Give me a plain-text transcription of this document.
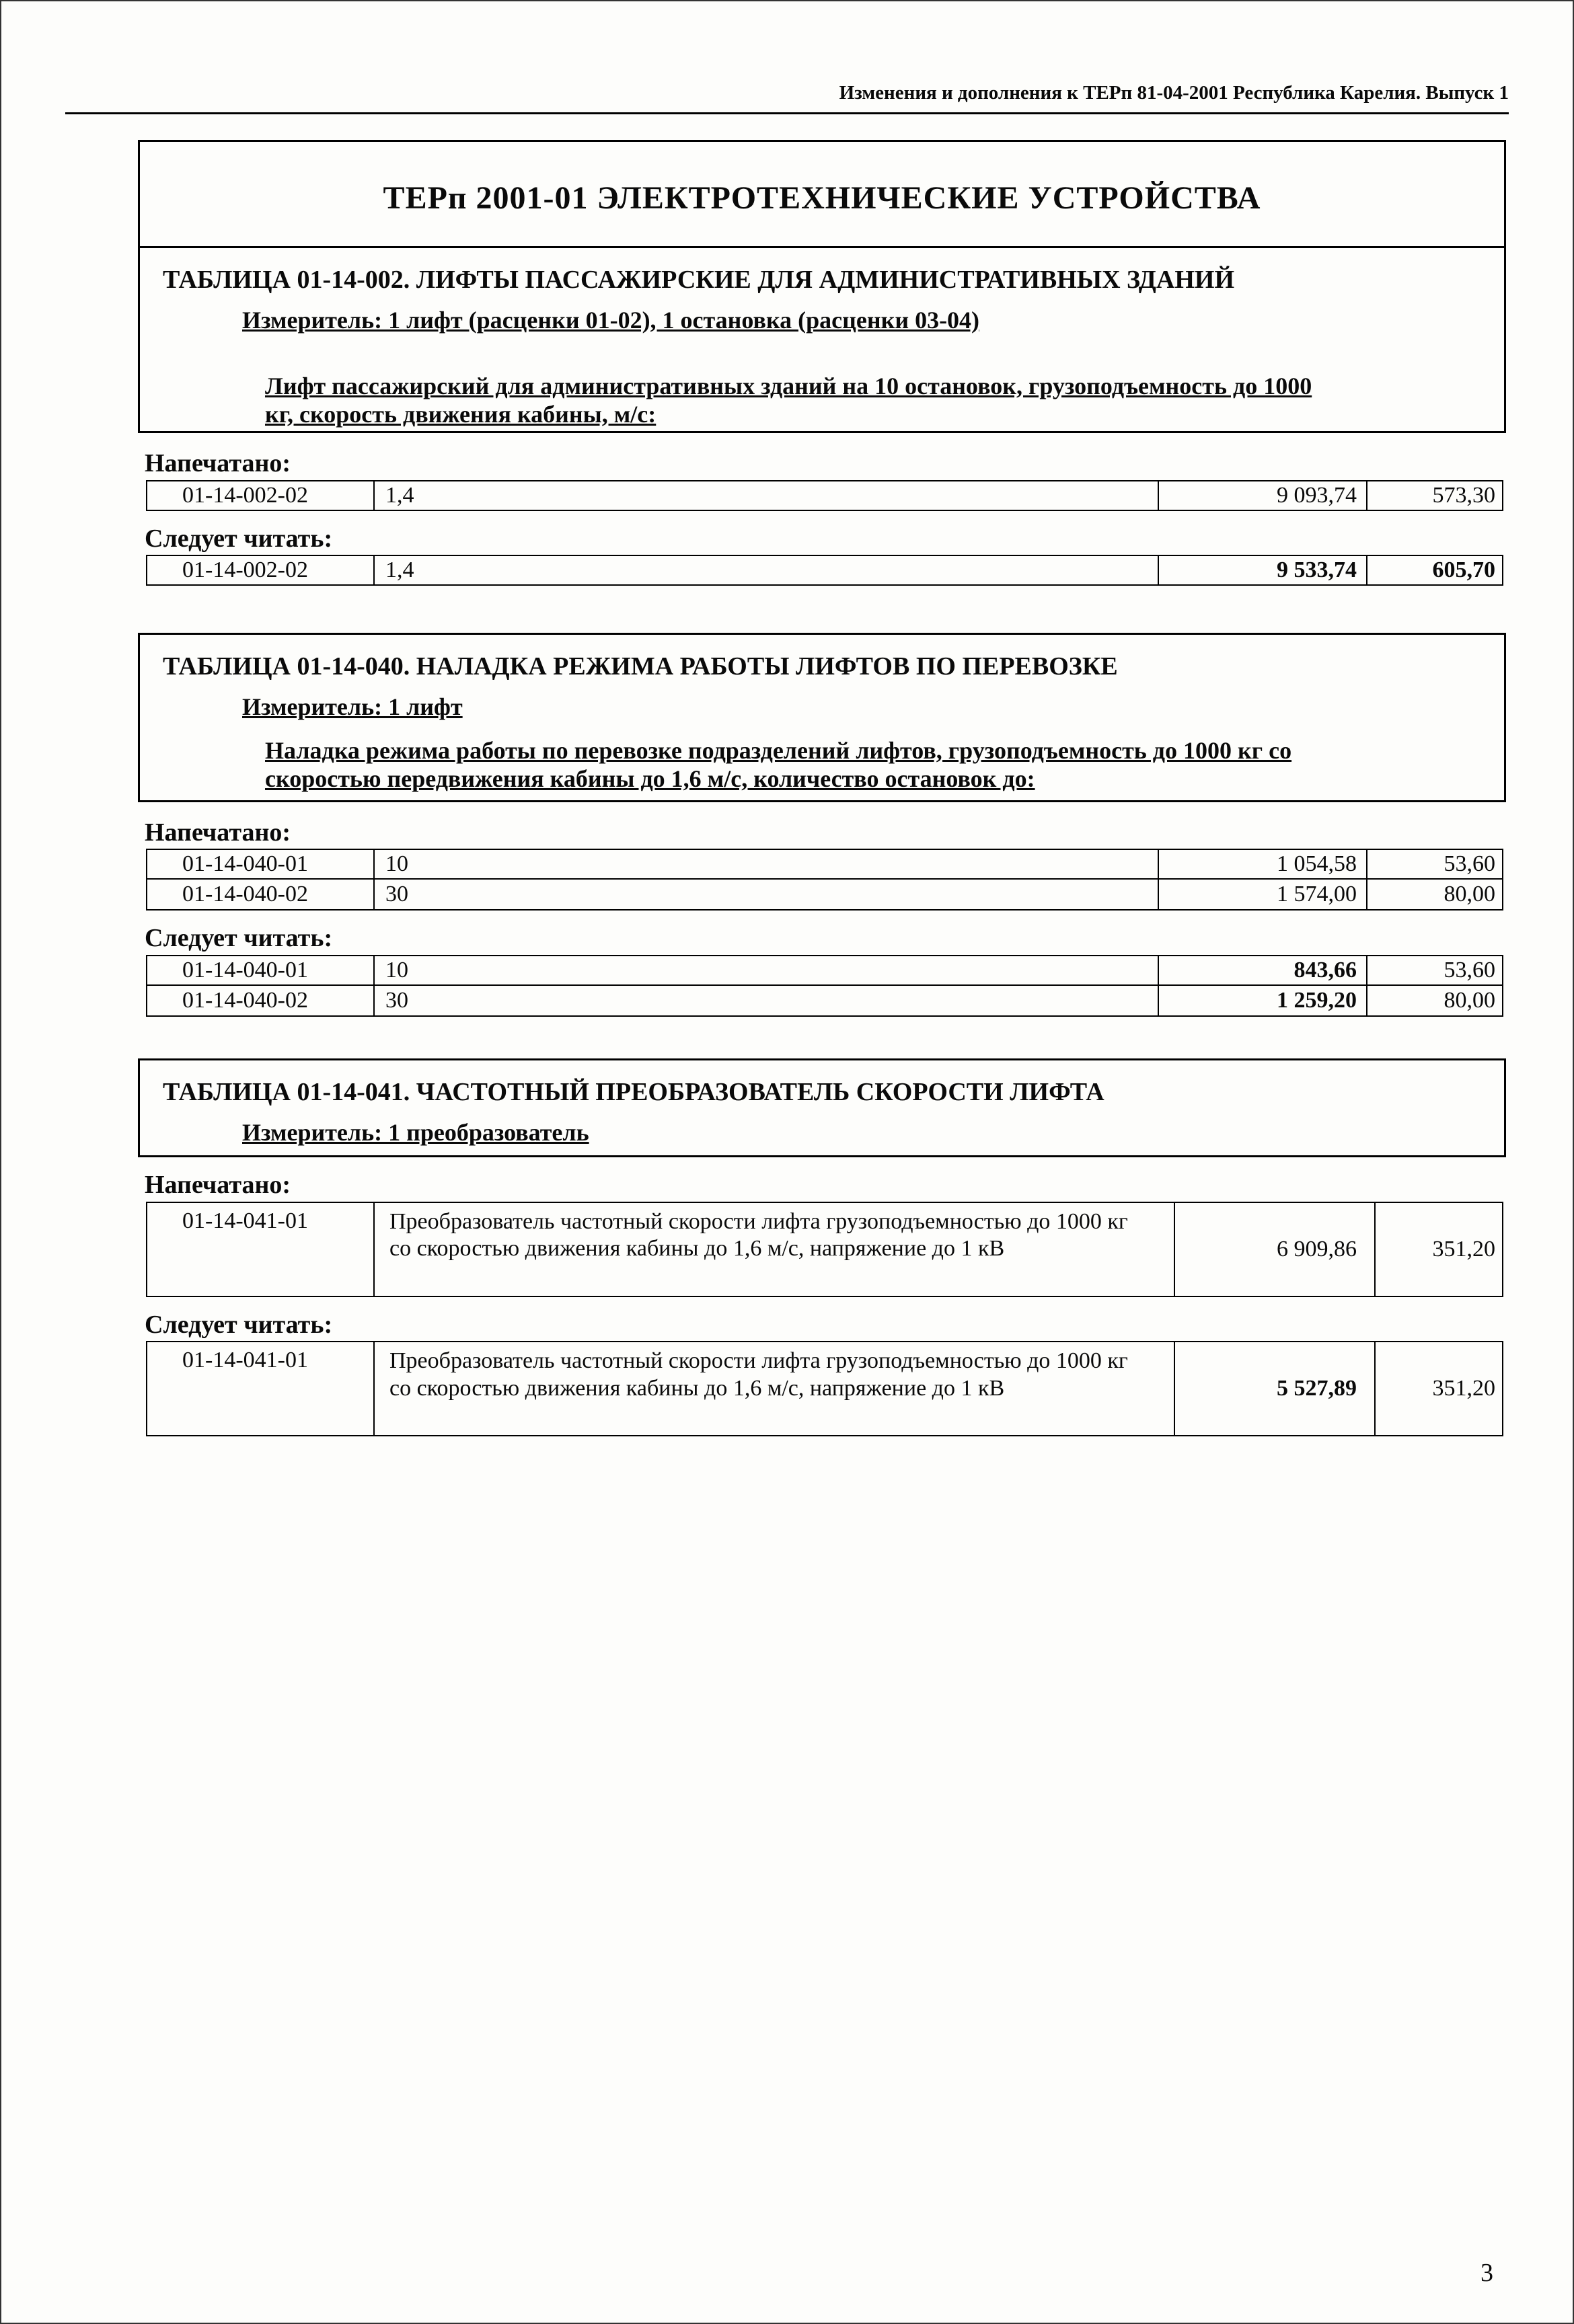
Изменения и дополнения к ТЕРп 81-04-2001 Республика Карелия. Выпуск 1
ТЕРп 2001-01 ЭЛЕКТРОТЕХНИЧЕСКИЕ УСТРОЙСТВА
ТАБЛИЦА 01-14-002. ЛИФТЫ ПАССАЖИРСКИЕ ДЛЯ АДМИНИСТРАТИВНЫХ ЗДАНИЙ
Измеритель: 1 лифт (расценки 01-02), 1 остановка (расценки 03-04)
Лифт пассажирский для административных зданий на 10 остановок, грузоподъемность до 1000 кг, скорость движения кабины, м/с:
Напечатано:
01-14-002-02	1,4	9 093,74	573,30
Следует читать:
01-14-002-02	1,4	9 533,74	605,70
ТАБЛИЦА 01-14-040. НАЛАДКА РЕЖИМА РАБОТЫ ЛИФТОВ ПО ПЕРЕВОЗКЕ
Измеритель: 1 лифт
Наладка режима работы по перевозке подразделений лифтов, грузоподъемность до 1000 кг со скоростью передвижения кабины до 1,6 м/с, количество остановок до:
Напечатано:
01-14-040-01	10	1 054,58	53,60
01-14-040-02	30	1 574,00	80,00
Следует читать:
01-14-040-01	10	843,66	53,60
01-14-040-02	30	1 259,20	80,00
ТАБЛИЦА 01-14-041. ЧАСТОТНЫЙ ПРЕОБРАЗОВАТЕЛЬ СКОРОСТИ ЛИФТА
Измеритель: 1 преобразователь
Напечатано:
01-14-041-01	Преобразователь частотный скорости лифта грузоподъемностью до 1000 кг со скоростью движения кабины до 1,6 м/с, напряжение до 1 кВ	6 909,86	351,20
Следует читать:
01-14-041-01	Преобразователь частотный скорости лифта грузоподъемностью до 1000 кг со скоростью движения кабины до 1,6 м/с, напряжение до 1 кВ	5 527,89	351,20
3
